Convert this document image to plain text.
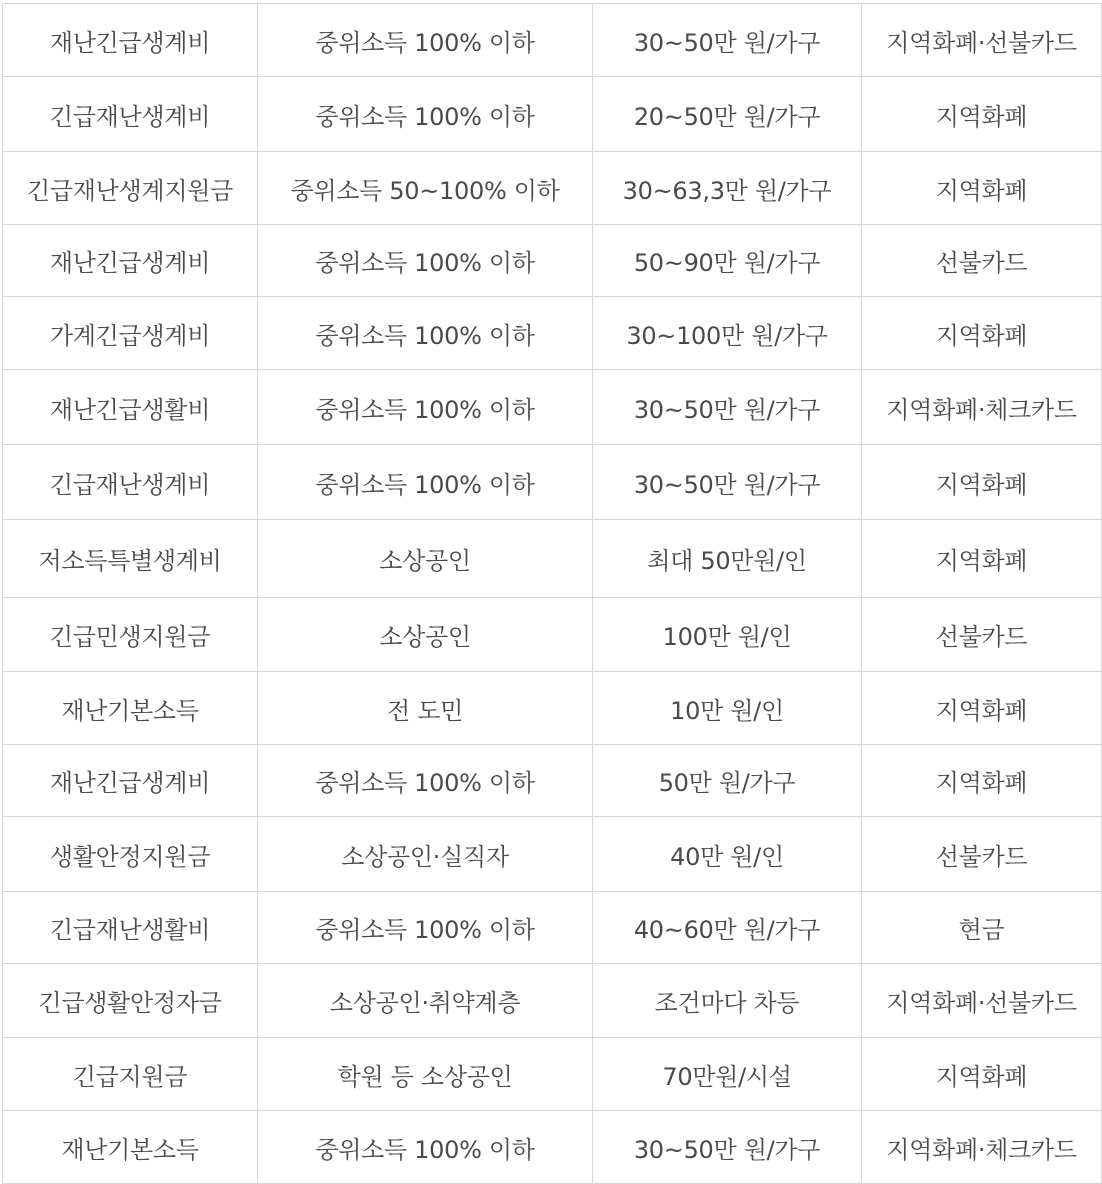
재난긴급생계비	중위소득 100% 이하	30~50만 원/가구	지역화폐·선불카드
긴급재난생계비	중위소득 100% 이하	20~50만 원/가구	지역화폐
긴급재난생계지원금	중위소득 50~100% 이하	30~63,3만 원/가구	지역화폐
재난긴급생계비	중위소득 100% 이하	50~90만 원/가구	선불카드
가계긴급생계비	중위소득 100% 이하	30~100만 원/가구	지역화폐
재난긴급생활비	중위소득 100% 이하	30~50만 원/가구	지역화폐·체크카드
긴급재난생계비	중위소득 100% 이하	30~50만 원/가구	지역화폐
저소득특별생계비	소상공인	최대 50만원/인	지역화폐
긴급민생지원금	소상공인	100만 원/인	선불카드
재난기본소득	전 도민	10만 원/인	지역화폐
재난긴급생계비	중위소득 100% 이하	50만 원/가구	지역화폐
생활안정지원금	소상공인·실직자	40만 원/인	선불카드
긴급재난생활비	중위소득 100% 이하	40~60만 원/가구	현금
긴급생활안정자금	소상공인·취약계층	조건마다 차등	지역화폐·선불카드
긴급지원금	학원 등 소상공인	70만원/시설	지역화폐
재난기본소득	중위소득 100% 이하	30~50만 원/가구	지역화폐·체크카드
